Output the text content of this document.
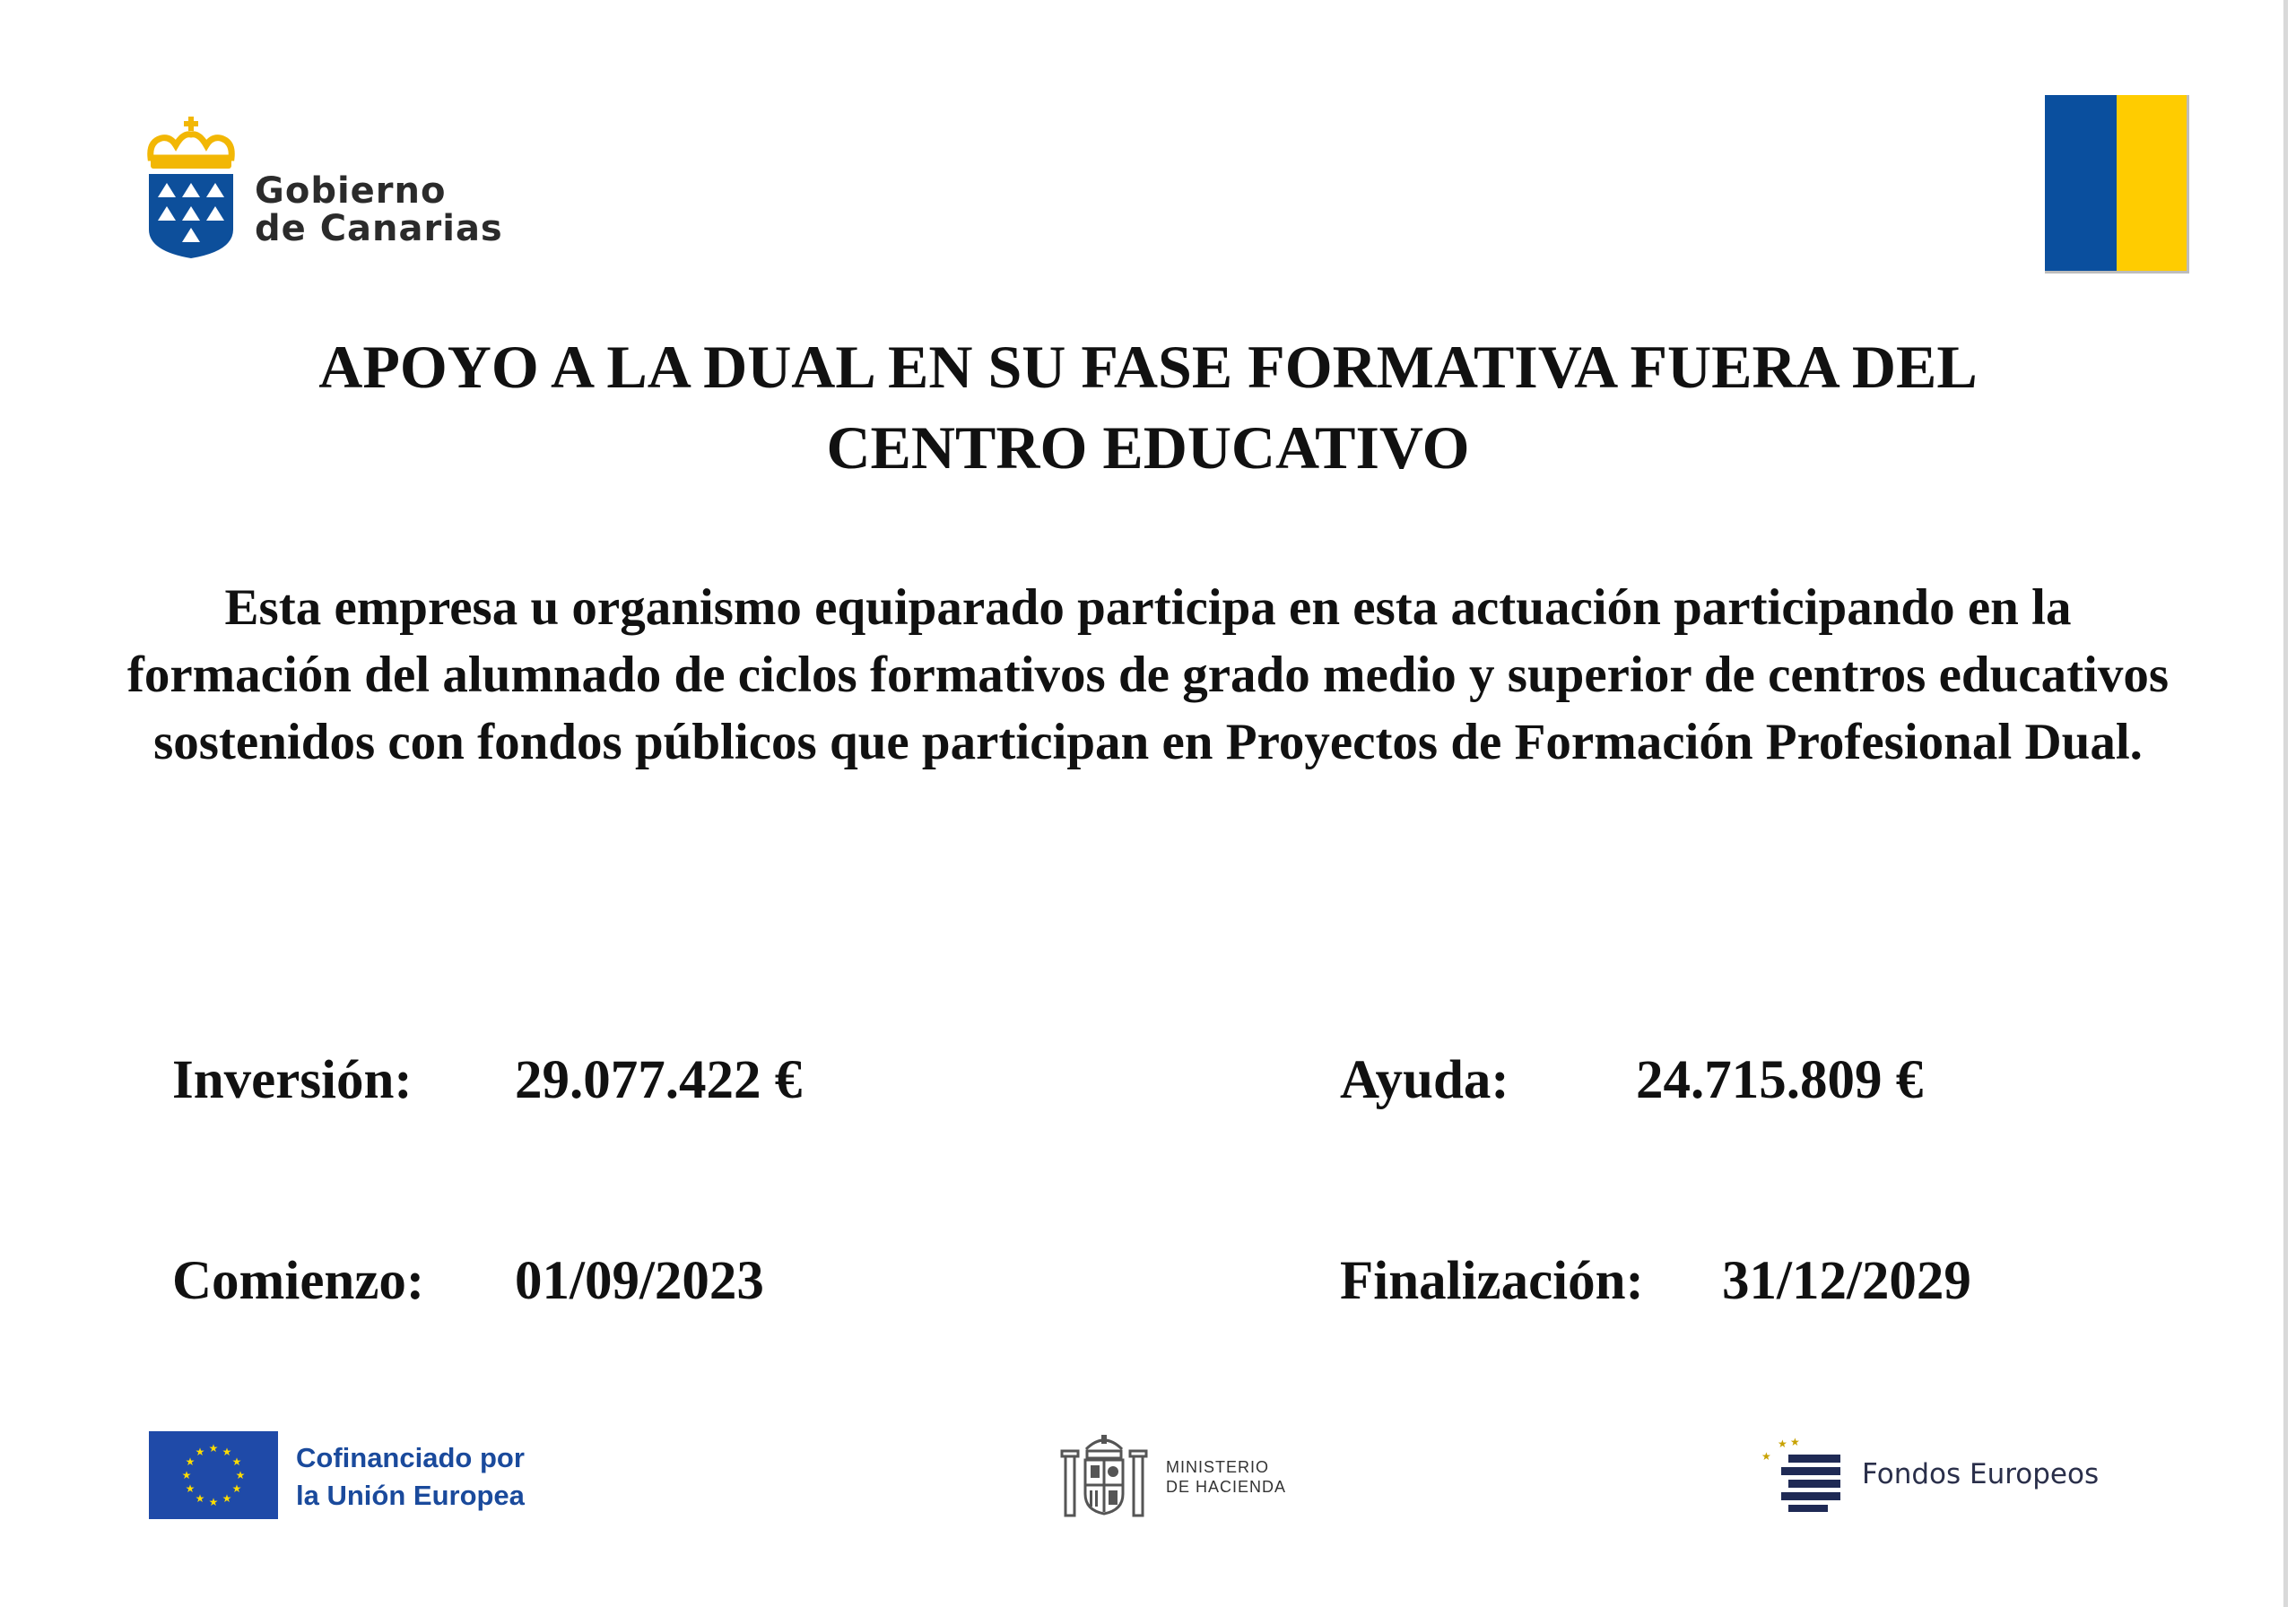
Gobierno
de Canarias
APOYO A LA DUAL EN SU FASE FORMATIVA FUERA DEL
CENTRO EDUCATIVO
Esta empresa u organismo equiparado participa en esta actuación participando en la formación del alumnado de ciclos formativos de grado medio y superior de centros educativos sostenidos con fondos públicos que participan en Proyectos de Formación Profesional Dual.
Inversión: 29.077.422 €	Ayuda: 24.715.809 €
Comienzo: 01/09/2023	Finalización: 31/12/2029
★ ★
★
★
★
★
★
★
★
★
★
★	Cofinanciado por
la Unión Europea
MINISTERIO
DE HACIENDA
★
★ ★
Fondos Europeos
